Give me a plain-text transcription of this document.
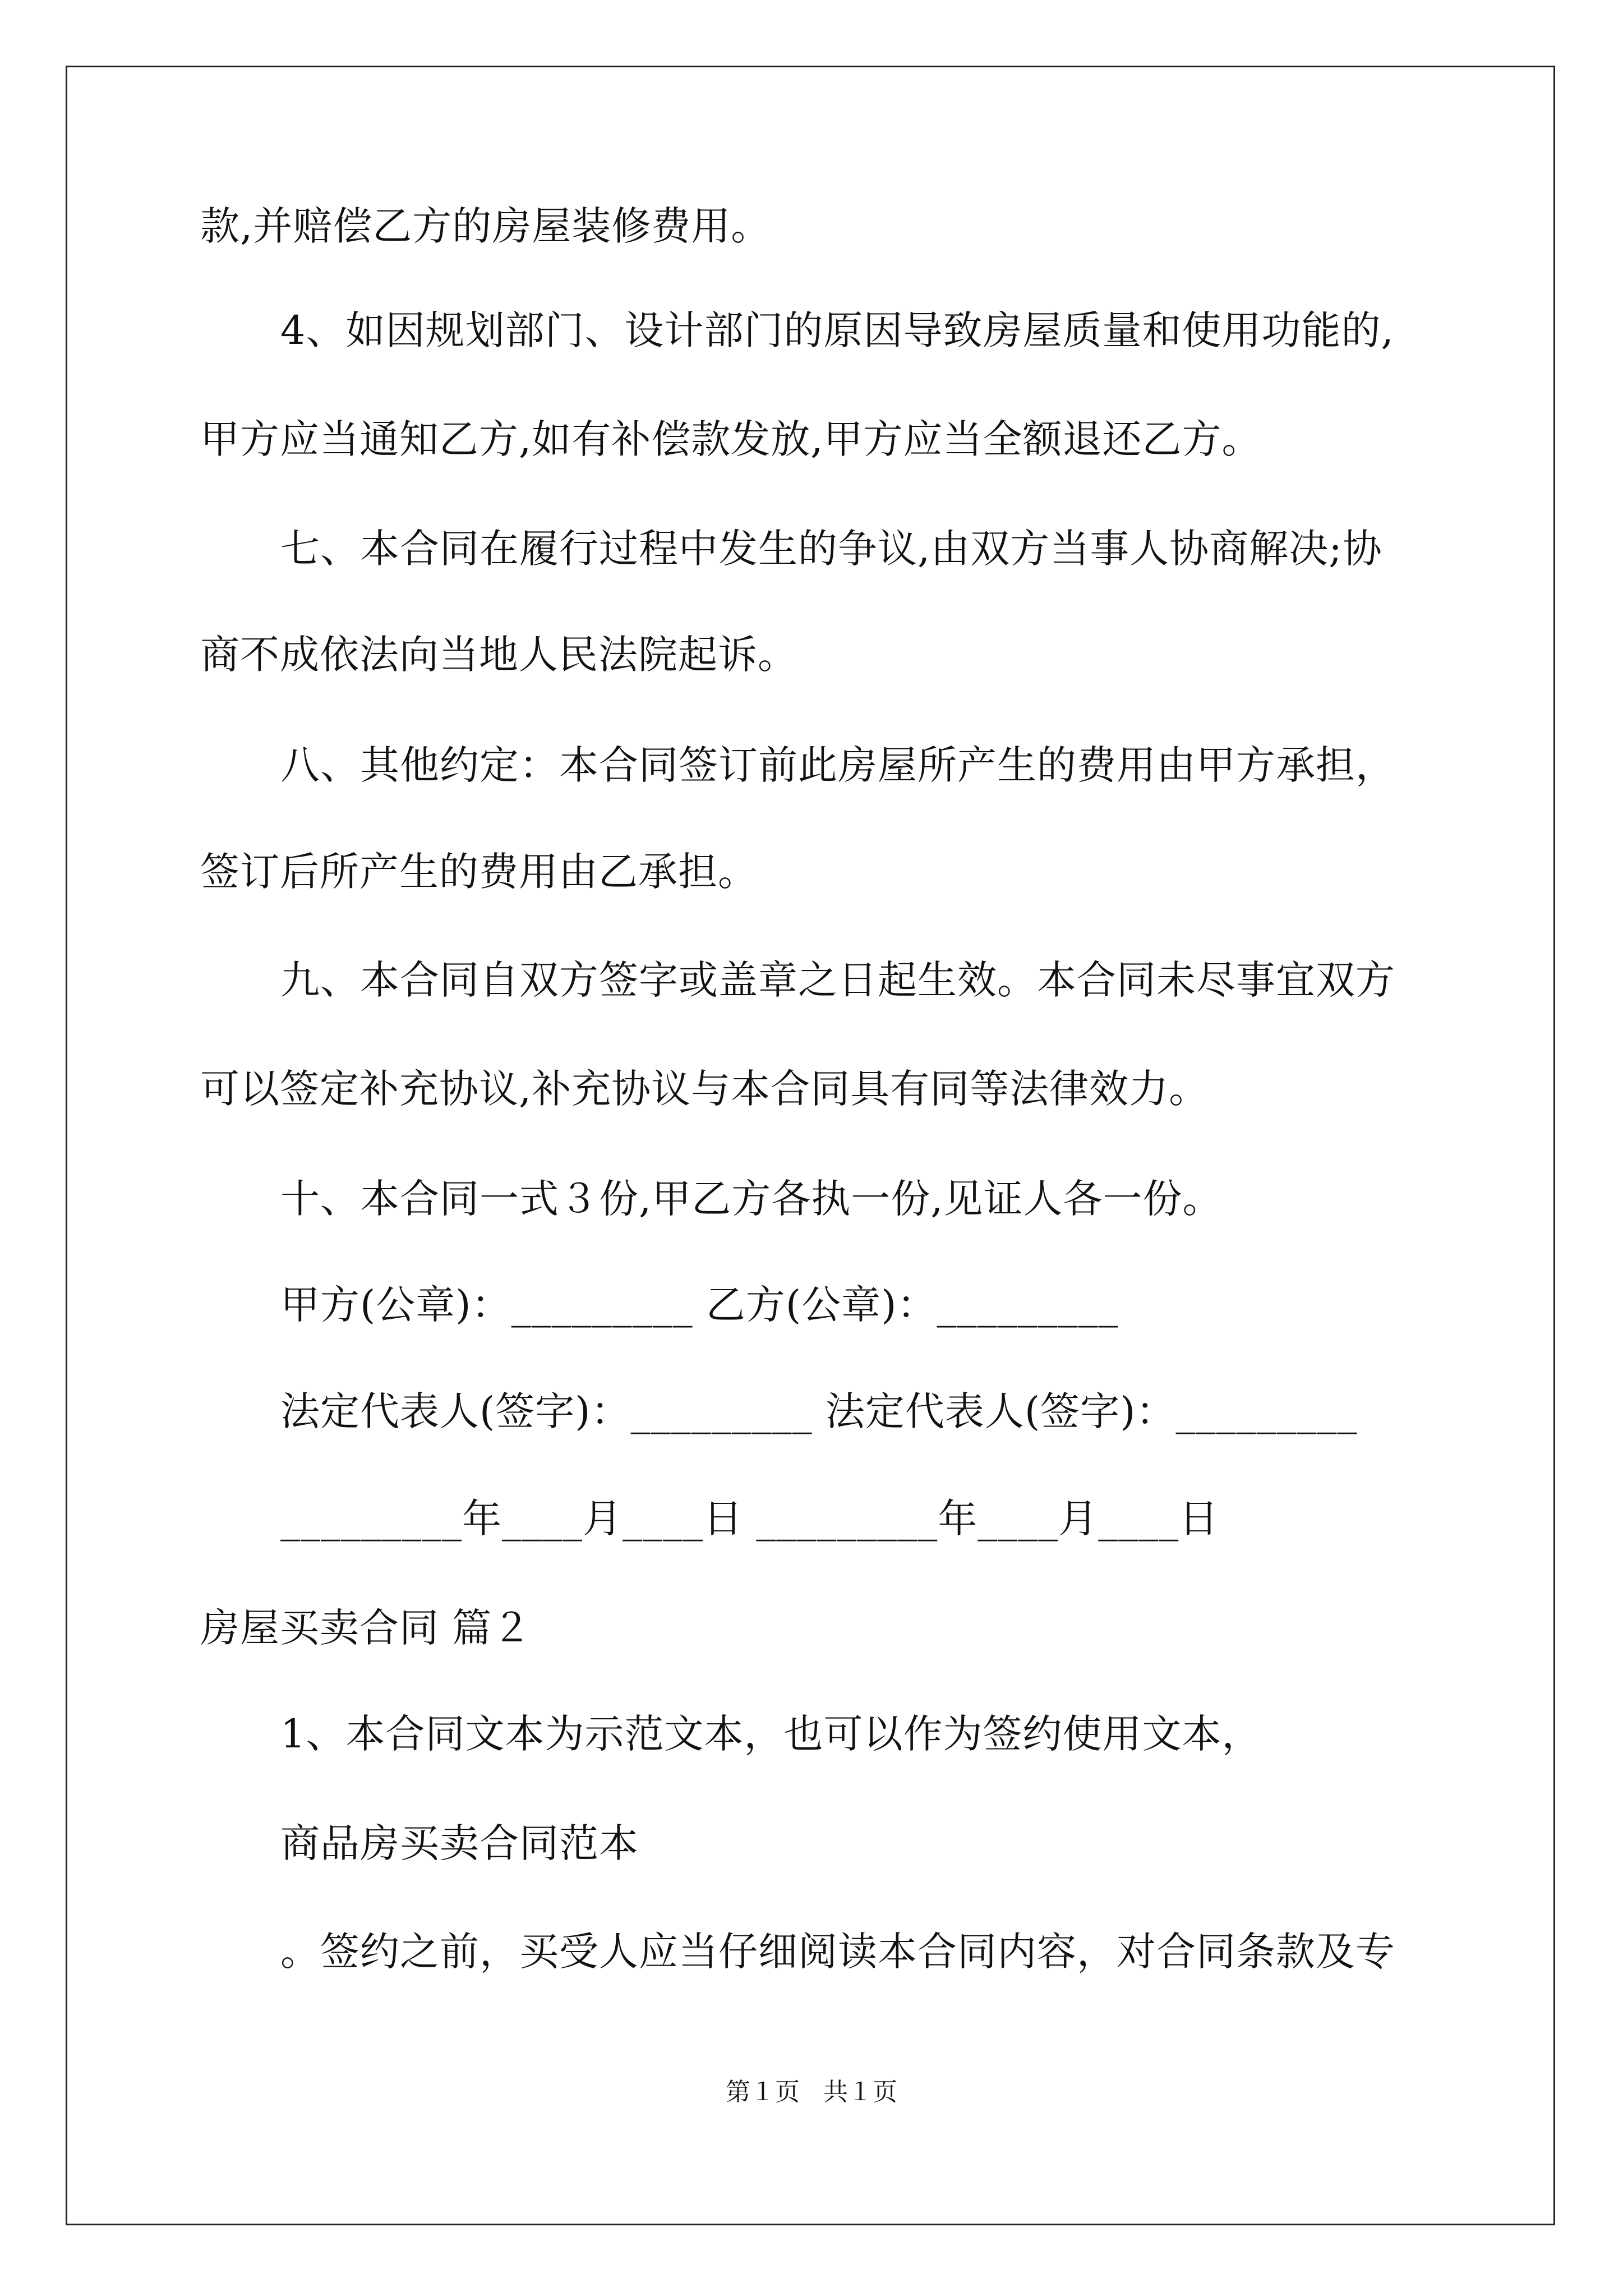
款,并赔偿乙方的房屋装修费用。
4、如因规划部门、设计部门的原因导致房屋质量和使用功能的,
甲方应当通知乙方,如有补偿款发放,甲方应当全额退还乙方。
七、本合同在履行过程中发生的争议,由双方当事人协商解决;协
商不成依法向当地人民法院起诉。
八、其他约定：本合同签订前此房屋所产生的费用由甲方承担，
签订后所产生的费用由乙承担。
九、本合同自双方签字或盖章之日起生效。本合同未尽事宜双方
可以签定补充协议,补充协议与本合同具有同等法律效力。
十、本合同一式３份,甲乙方各执一份,见证人各一份。
甲方(公章)：_________ 乙方(公章)：_________
法定代表人(签字)：_________ 法定代表人(签字)：_________
_________年____月____日 _________年____月____日
房屋买卖合同 篇２
1、本合同文本为示范文本，也可以作为签约使用文本，
商品房买卖合同范本
。签约之前，买受人应当仔细阅读本合同内容，对合同条款及专
第１页   共１页
